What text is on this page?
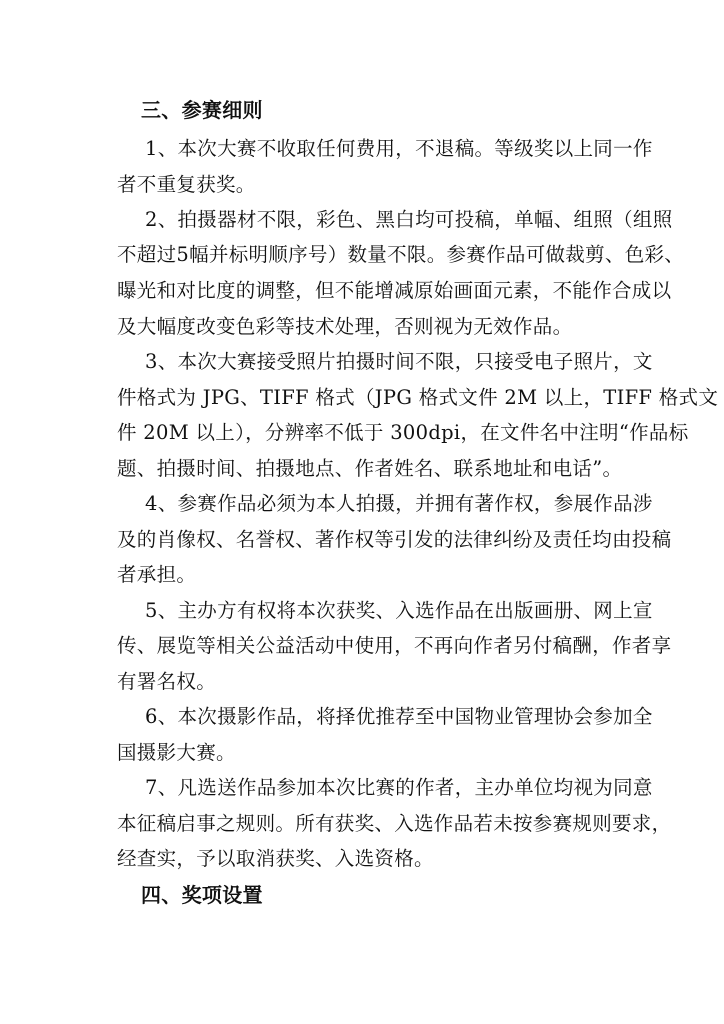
三、参赛细则
1、本次大赛不收取任何费用，不退稿。等级奖以上同一作
者不重复获奖。
2、拍摄器材不限，彩色、黑白均可投稿，单幅、组照（组照
不超过5幅并标明顺序号）数量不限。参赛作品可做裁剪、色彩、
曝光和对比度的调整，但不能增减原始画面元素，不能作合成以
及大幅度改变色彩等技术处理，否则视为无效作品。
3、本次大赛接受照片拍摄时间不限，只接受电子照片，文
件格式为 JPG、TIFF 格式（JPG 格式文件 2M 以上，TIFF 格式文
件 20M 以上），分辨率不低于 300dpi，在文件名中注明“作品标
题、拍摄时间、拍摄地点、作者姓名、联系地址和电话”。
4、参赛作品必须为本人拍摄，并拥有著作权，参展作品涉
及的肖像权、名誉权、著作权等引发的法律纠纷及责任均由投稿
者承担。
5、主办方有权将本次获奖、入选作品在出版画册、网上宣
传、展览等相关公益活动中使用，不再向作者另付稿酬，作者享
有署名权。
6、本次摄影作品，将择优推荐至中国物业管理协会参加全
国摄影大赛。
7、凡选送作品参加本次比赛的作者，主办单位均视为同意
本征稿启事之规则。所有获奖、入选作品若未按参赛规则要求，
经查实，予以取消获奖、入选资格。
四、奖项设置
